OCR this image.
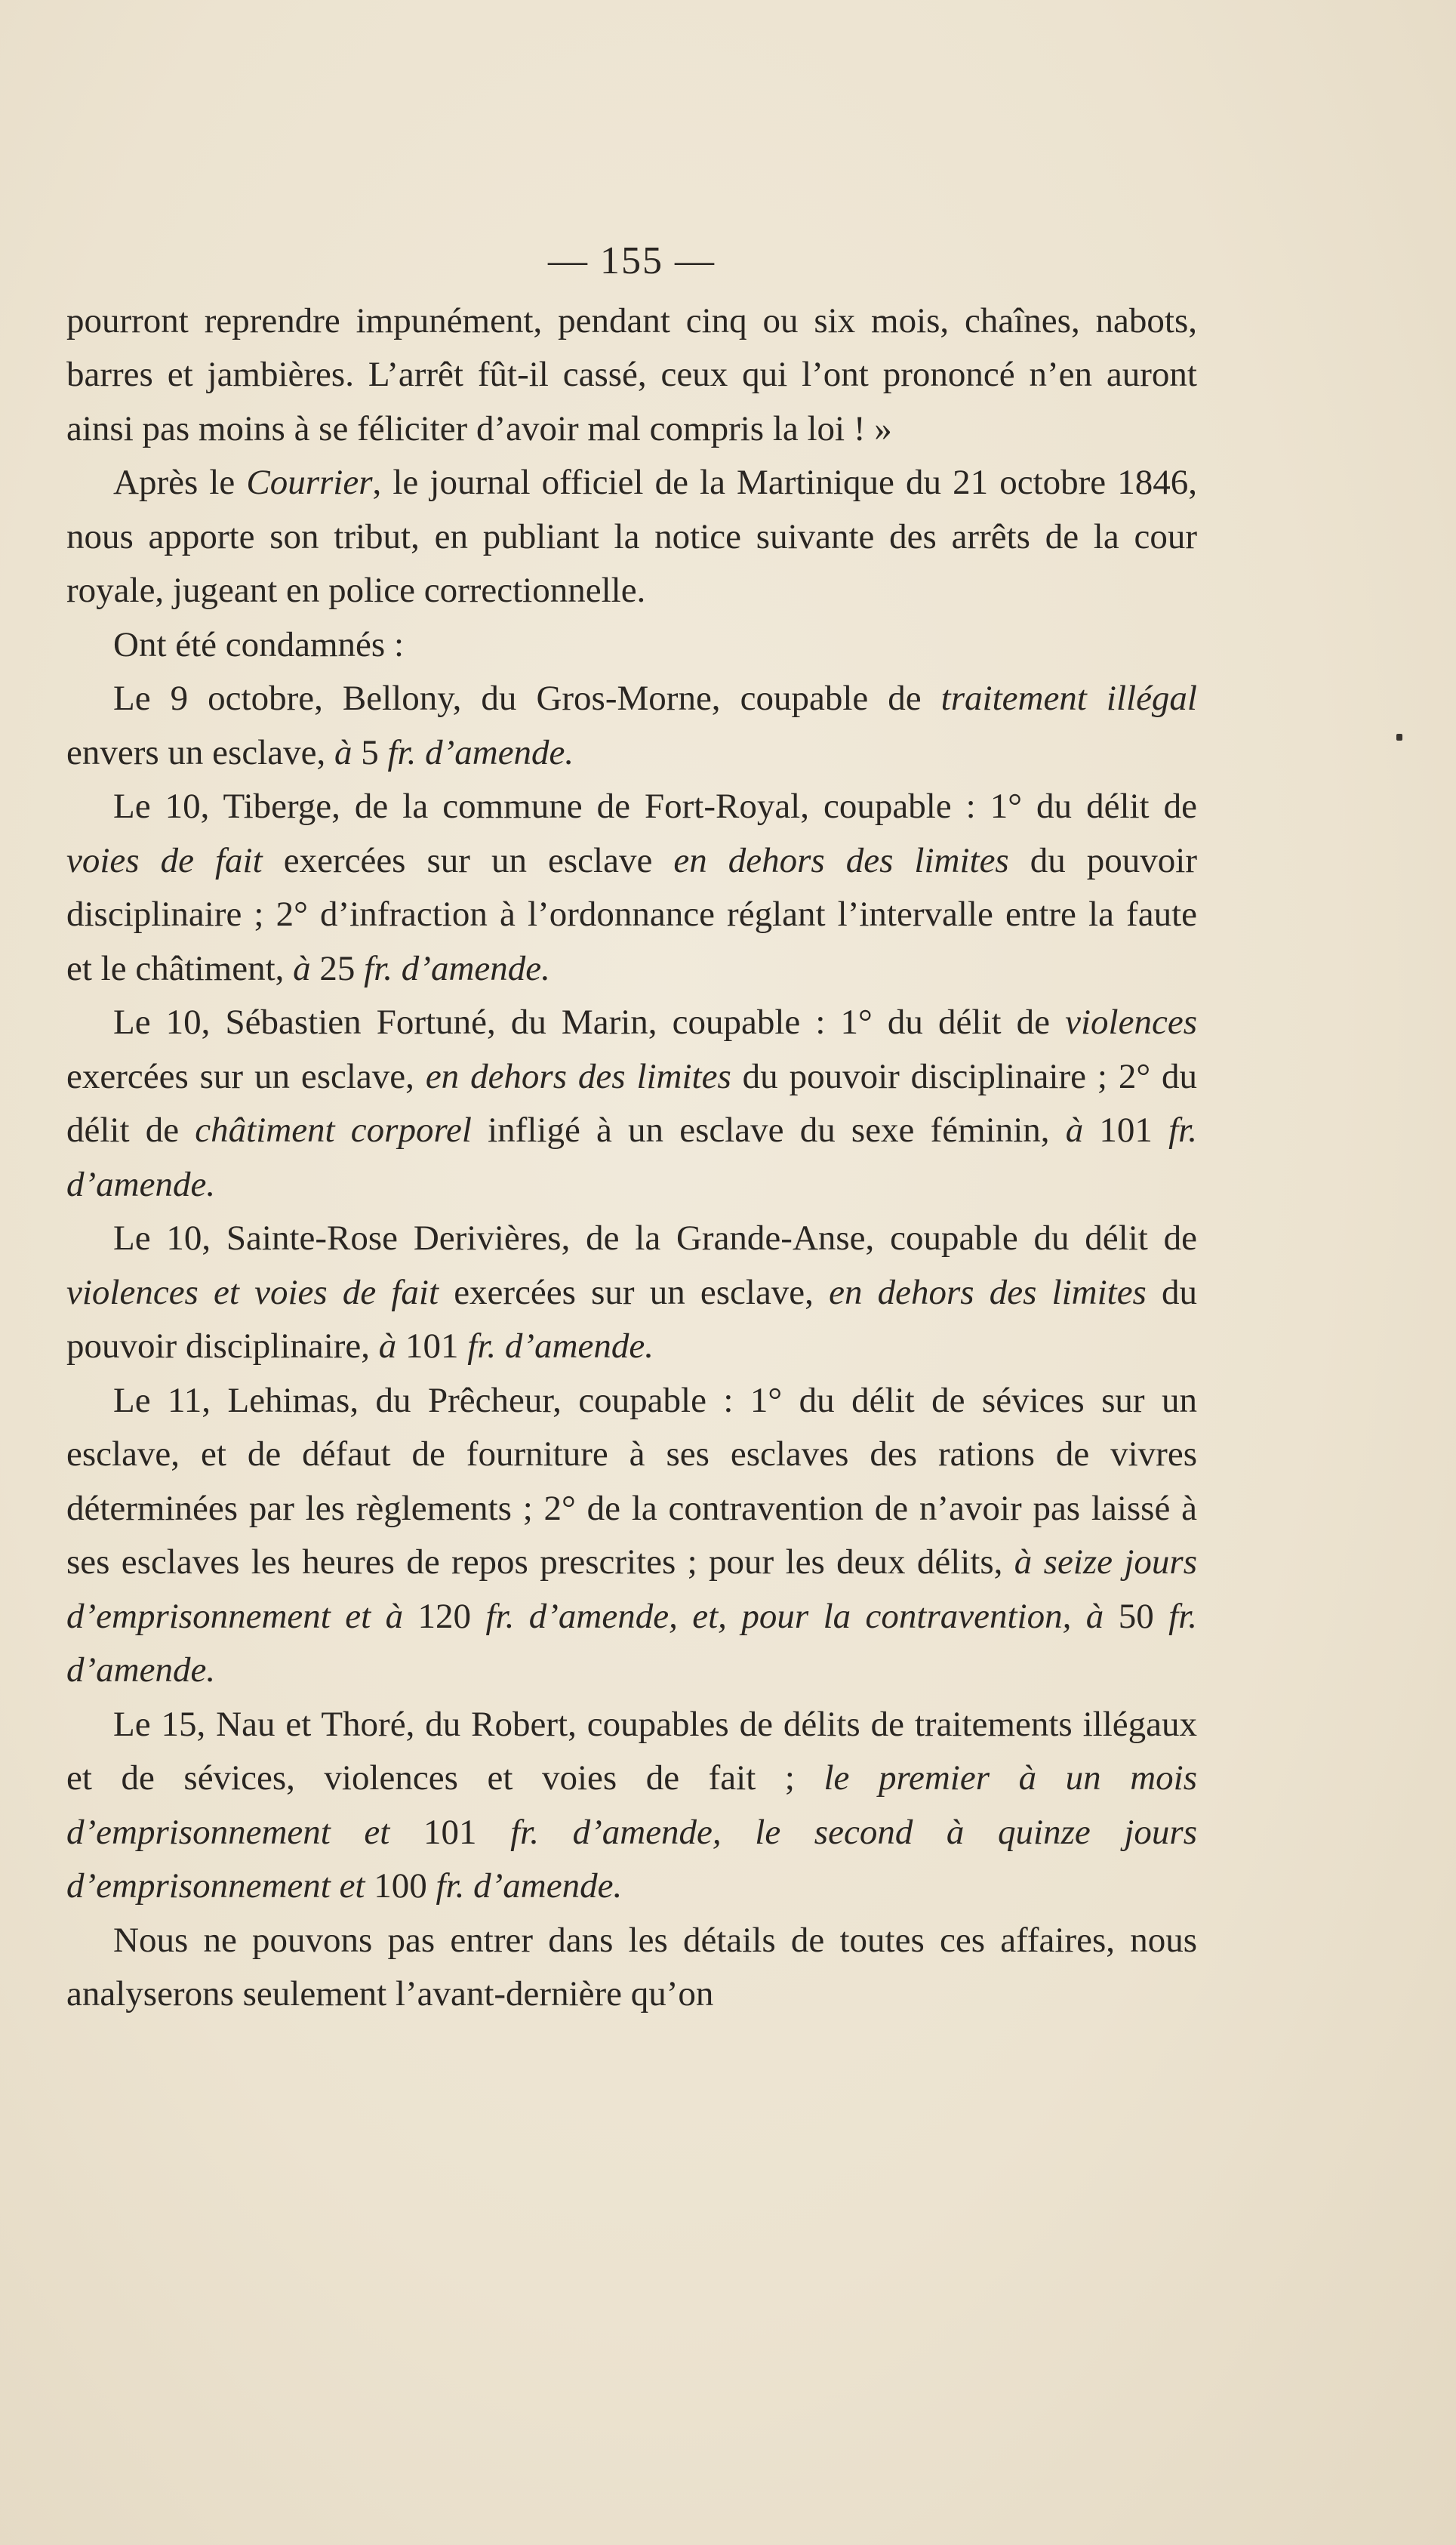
— 155 —

pourront reprendre impunément, pendant cinq ou six mois, chaînes, nabots, barres et jambières. L’arrêt fût-il cassé, ceux qui l’ont prononcé n’en auront ainsi pas moins à se féliciter d’avoir mal compris la loi ! »

Après le Courrier, le journal officiel de la Martinique du 21 octobre 1846, nous apporte son tribut, en publiant la notice suivante des arrêts de la cour royale, jugeant en police correctionnelle.

Ont été condamnés :

Le 9 octobre, Bellony, du Gros-Morne, coupable de traitement illégal envers un esclave, à 5 fr. d’amende.

Le 10, Tiberge, de la commune de Fort-Royal, coupable : 1° du délit de voies de fait exercées sur un esclave en dehors des limites du pouvoir disciplinaire ; 2° d’infraction à l’ordonnance réglant l’intervalle entre la faute et le châtiment, à 25 fr. d’amende.

Le 10, Sébastien Fortuné, du Marin, coupable : 1° du délit de violences exercées sur un esclave, en dehors des limites du pouvoir disciplinaire ; 2° du délit de châtiment corporel infligé à un esclave du sexe féminin, à 101 fr. d’amende.

Le 10, Sainte-Rose Derivières, de la Grande-Anse, coupable du délit de violences et voies de fait exercées sur un esclave, en dehors des limites du pouvoir disciplinaire, à 101 fr. d’amende.

Le 11, Lehimas, du Prêcheur, coupable : 1° du délit de sévices sur un esclave, et de défaut de fourniture à ses esclaves des rations de vivres déterminées par les règlements ; 2° de la contravention de n’avoir pas laissé à ses esclaves les heures de repos prescrites ; pour les deux délits, à seize jours d’emprisonnement et à 120 fr. d’amende, et, pour la contravention, à 50 fr. d’amende.

Le 15, Nau et Thoré, du Robert, coupables de délits de traitements illégaux et de sévices, violences et voies de fait ; le premier à un mois d’emprisonnement et 101 fr. d’amende, le second à quinze jours d’emprisonnement et 100 fr. d’amende.

Nous ne pouvons pas entrer dans les détails de toutes ces affaires, nous analyserons seulement l’avant-dernière qu’on
